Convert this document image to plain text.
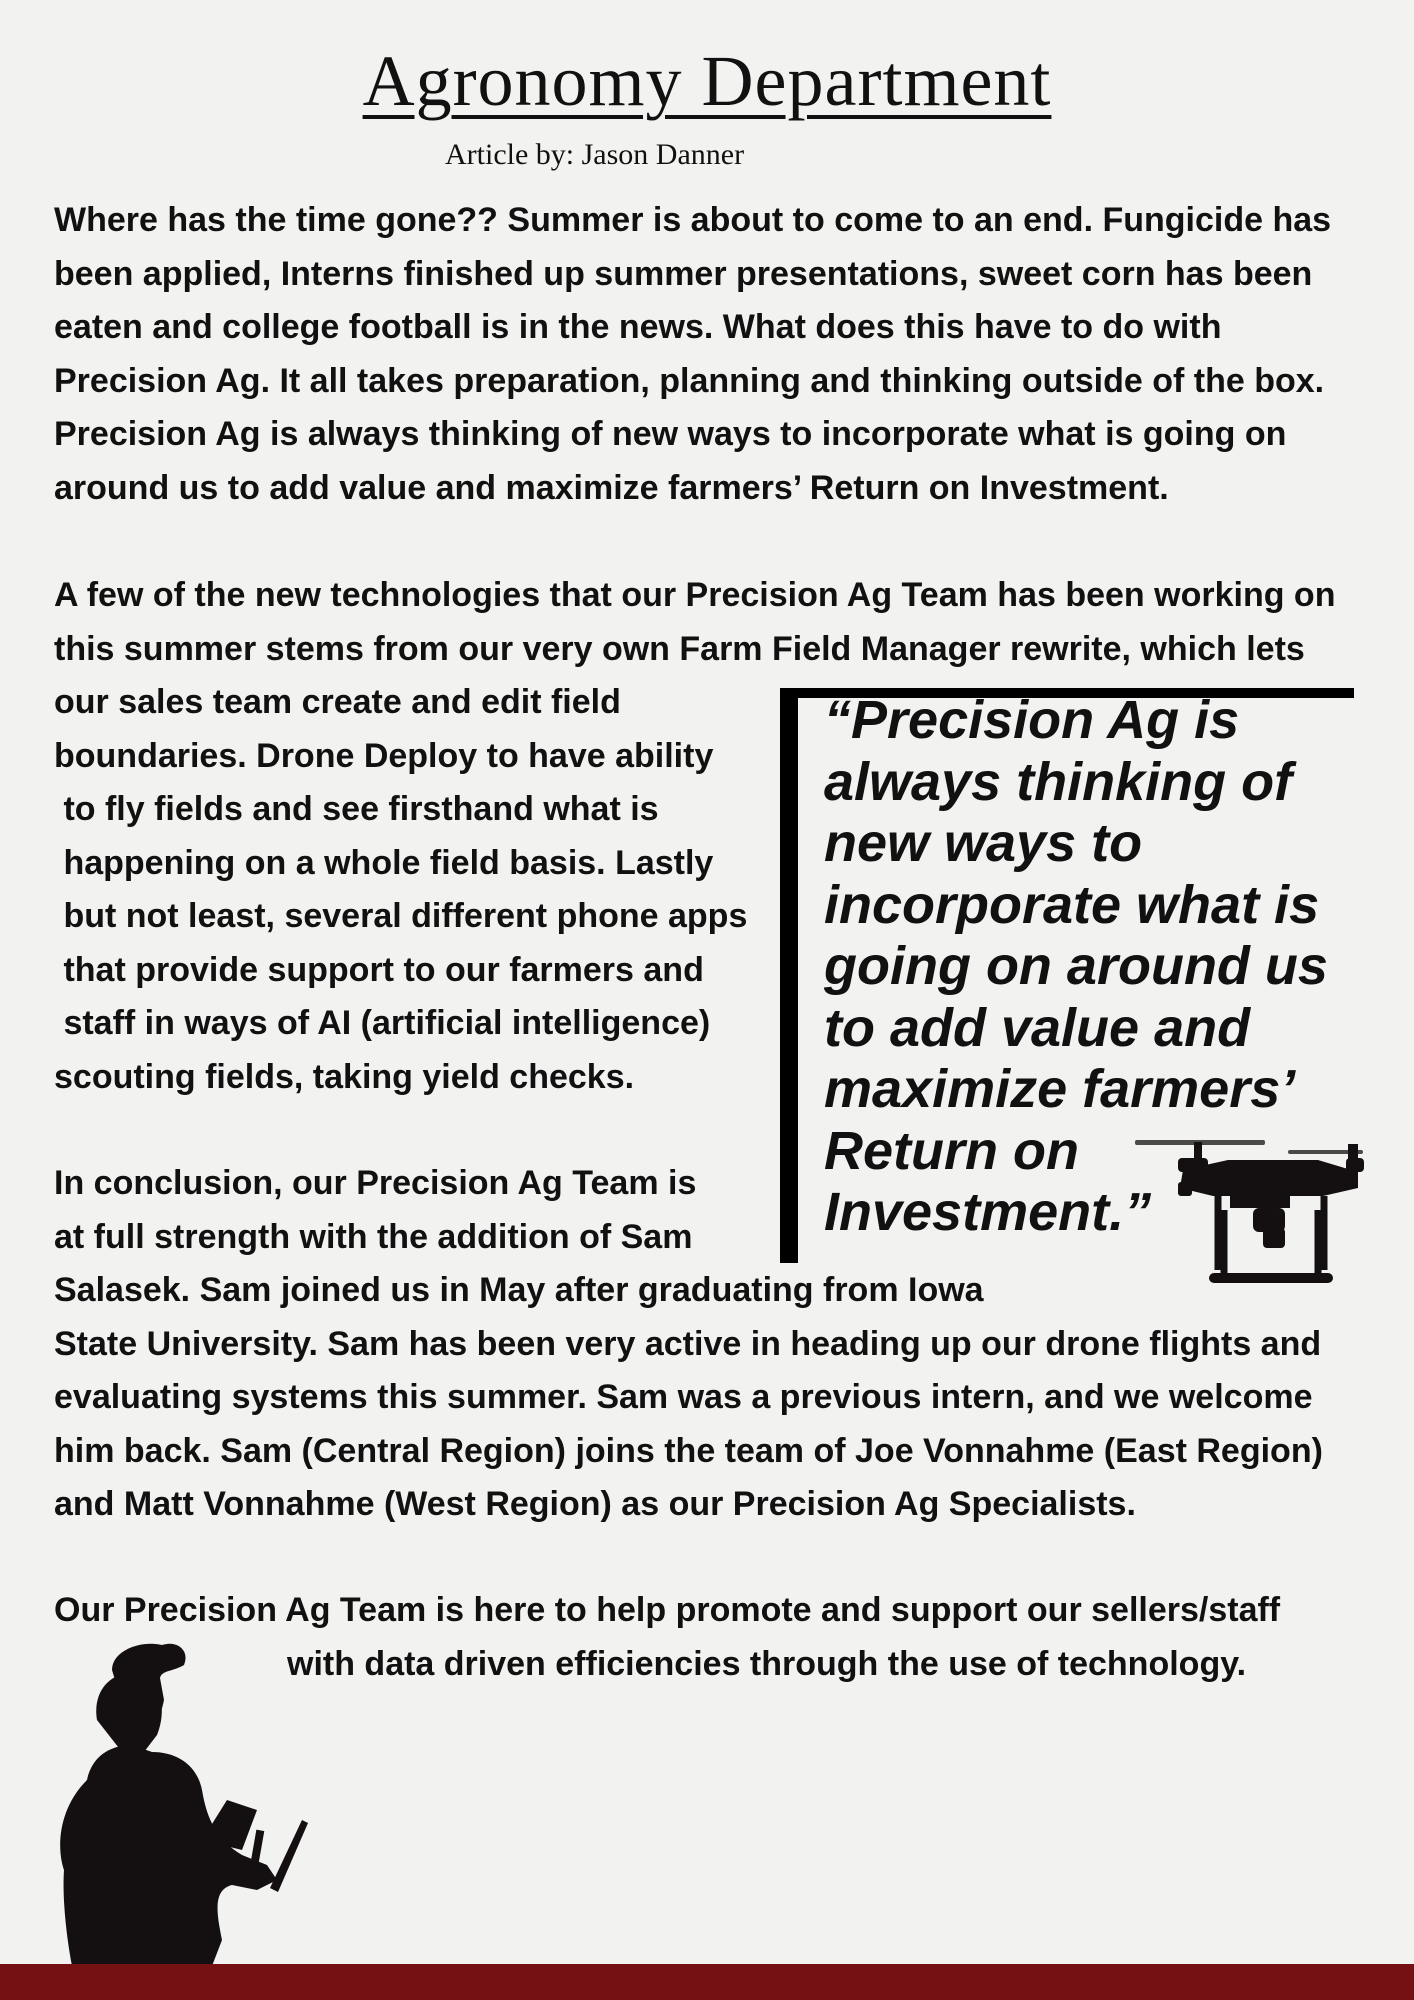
Agronomy Department
Article by: Jason Danner
Where has the time gone?? Summer is about to come to an end. Fungicide has
been applied, Interns finished up summer presentations, sweet corn has been
eaten and college football is in the news. What does this have to do with
Precision Ag. It all takes preparation, planning and thinking outside of the box.
Precision Ag is always thinking of new ways to incorporate what is going on
around us to add value and maximize farmers’ Return on Investment.
A few of the new technologies that our Precision Ag Team has been working on
this summer stems from our very own Farm Field Manager rewrite, which lets
our sales team create and edit field
boundaries. Drone Deploy to have ability
to fly fields and see firsthand what is
happening on a whole field basis. Lastly
but not least, several different phone apps
that provide support to our farmers and
staff in ways of AI (artificial intelligence)
scouting fields, taking yield checks.
In conclusion, our Precision Ag Team is
at full strength with the addition of Sam
Salasek. Sam joined us in May after graduating from Iowa
State University. Sam has been very active in heading up our drone flights and
evaluating systems this summer. Sam was a previous intern, and we welcome
him back. Sam (Central Region) joins the team of Joe Vonnahme (East Region)
and Matt Vonnahme (West Region) as our Precision Ag Specialists.
Our Precision Ag Team is here to help promote and support our sellers/staff
with data driven efficiencies through the use of technology.
“Precision Ag is
always thinking of
new ways to
incorporate what is
going on around us
to add value and
maximize farmers’
Return on
Investment.”
